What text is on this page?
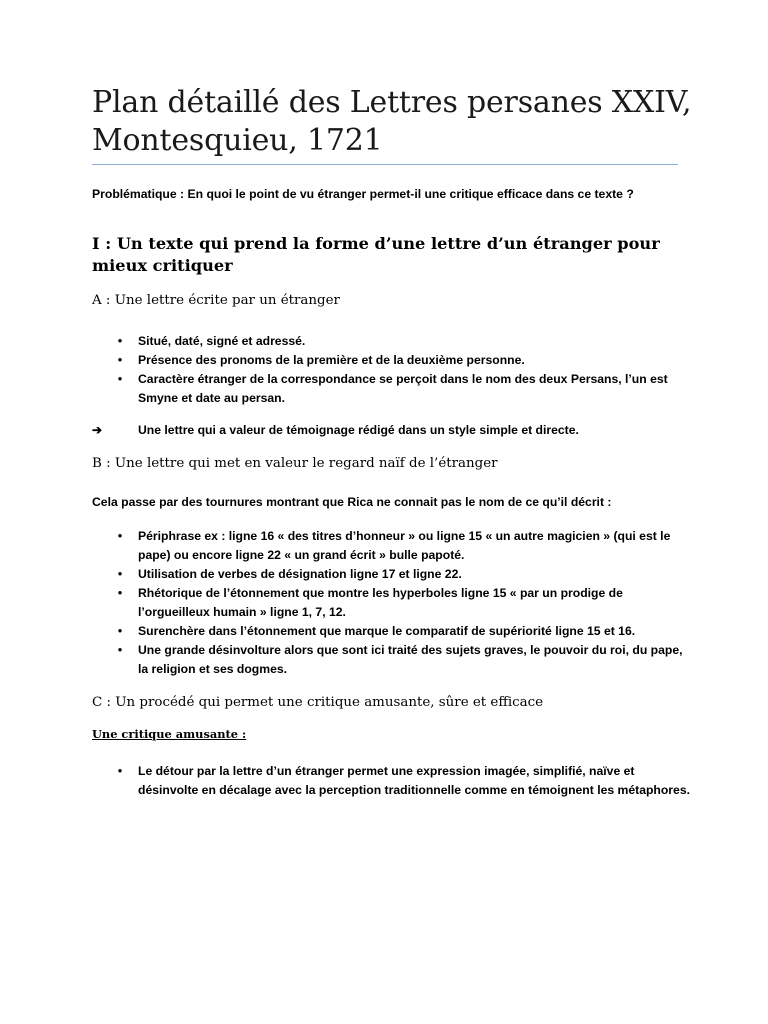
Plan détaillé des Lettres persanes XXIV, Montesquieu, 1721

Problématique : En quoi le point de vu étranger permet-il une critique efficace dans ce texte ?

I : Un texte qui prend la forme d’une lettre d’un étranger pour mieux critiquer
A : Une lettre écrite par un étranger
• Situé, daté, signé et adressé.
• Présence des pronoms de la première et de la deuxième personne.
• Caractère étranger de la correspondance se perçoit dans le nom des deux Persans, l’un est Smyne et date au persan.
➔	Une lettre qui a valeur de témoignage rédigé dans un style simple et directe.
B : Une lettre qui met en valeur le regard naïf de l’étranger

Cela passe par des tournures montrant que Rica ne connait pas le nom de ce qu’il décrit :

• Périphrase ex : ligne 16 « des titres d’honneur » ou ligne 15 « un autre magicien » (qui est le pape) ou encore ligne 22 « un grand écrit » bulle papoté.
• Utilisation de verbes de désignation ligne 17 et ligne 22.
• Rhétorique de l’étonnement que montre les hyperboles ligne 15 « par un prodige de l’orgueilleux humain » ligne 1, 7, 12.
• Surenchère dans l’étonnement que marque le comparatif de supériorité ligne 15 et 16.
• Une grande désinvolture alors que sont ici traité des sujets graves, le pouvoir du roi, du pape, la religion et ses dogmes.
C : Un procédé qui permet une critique amusante, sûre et efficace

Une critique amusante :

• Le détour par la lettre d’un étranger permet une expression imagée, simplifié, naïve et désinvolte en décalage avec la perception traditionnelle comme en témoignent les métaphores.
